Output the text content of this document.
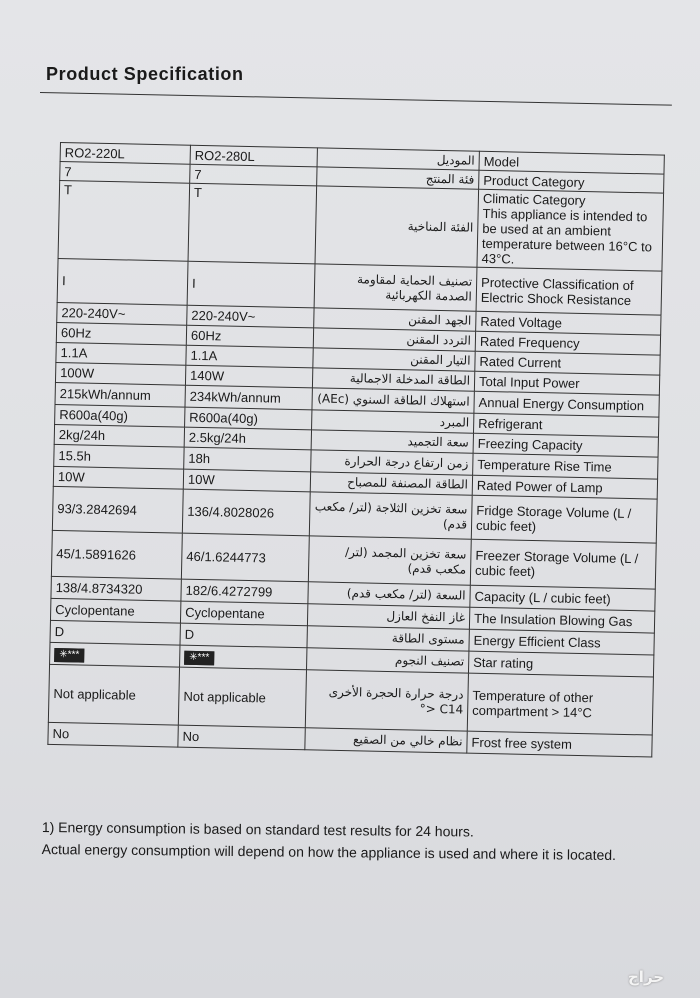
Product Specification
RO2-220L	RO2-280L	الموديل	Model
7	7	فئة المنتج	Product Category
T	T	الفئة المناخية	Climatic Category
This appliance is intended to be used at an ambient temperature between 16°C to 43°C.
I	I	تصنيف الحماية لمقاومة الصدمة الكهربائية	Protective Classification of Electric Shock Resistance
220-240V~	220-240V~	الجهد المقنن	Rated Voltage
60Hz	60Hz	التردد المقنن	Rated Frequency
1.1A	1.1A	التيار المقنن	Rated Current
100W	140W	الطاقة المدخلة الاجمالية	Total Input Power
215kWh/annum	234kWh/annum	استهلاك الطاقة السنوي (AEc)	Annual Energy Consumption
R600a(40g)	R600a(40g)	المبرد	Refrigerant
2kg/24h	2.5kg/24h	سعة التجميد	Freezing Capacity
15.5h	18h	زمن ارتفاع درجة الحرارة	Temperature Rise Time
10W	10W	الطاقة المصنفة للمصباح	Rated Power of Lamp
93/3.2842694	136/4.8028026	سعة تخزين الثلاجة (لتر/ مكعب قدم)	Fridge Storage Volume (L / cubic feet)
45/1.5891626	46/1.6244773	سعة تخزين المجمد (لتر/ مكعب قدم)	Freezer Storage Volume (L / cubic feet)
138/4.8734320	182/6.4272799	السعة (لتر/ مكعب قدم)	Capacity (L / cubic feet)
Cyclopentane	Cyclopentane	غاز النفخ العازل	The Insulation Blowing Gas
D	D	مستوى الطاقة	Energy Efficient Class
✳***	✳***	تصنيف النجوم	Star rating
Not applicable	Not applicable	درجة حرارة الحجرة الأخرى C14 <°	Temperature of other compartment > 14°C
No	No	نظام خالي من الصقيع	Frost free system
1) Energy consumption is based on standard test results for 24 hours.
Actual energy consumption will depend on how the appliance is used and where it is located.
حراج
